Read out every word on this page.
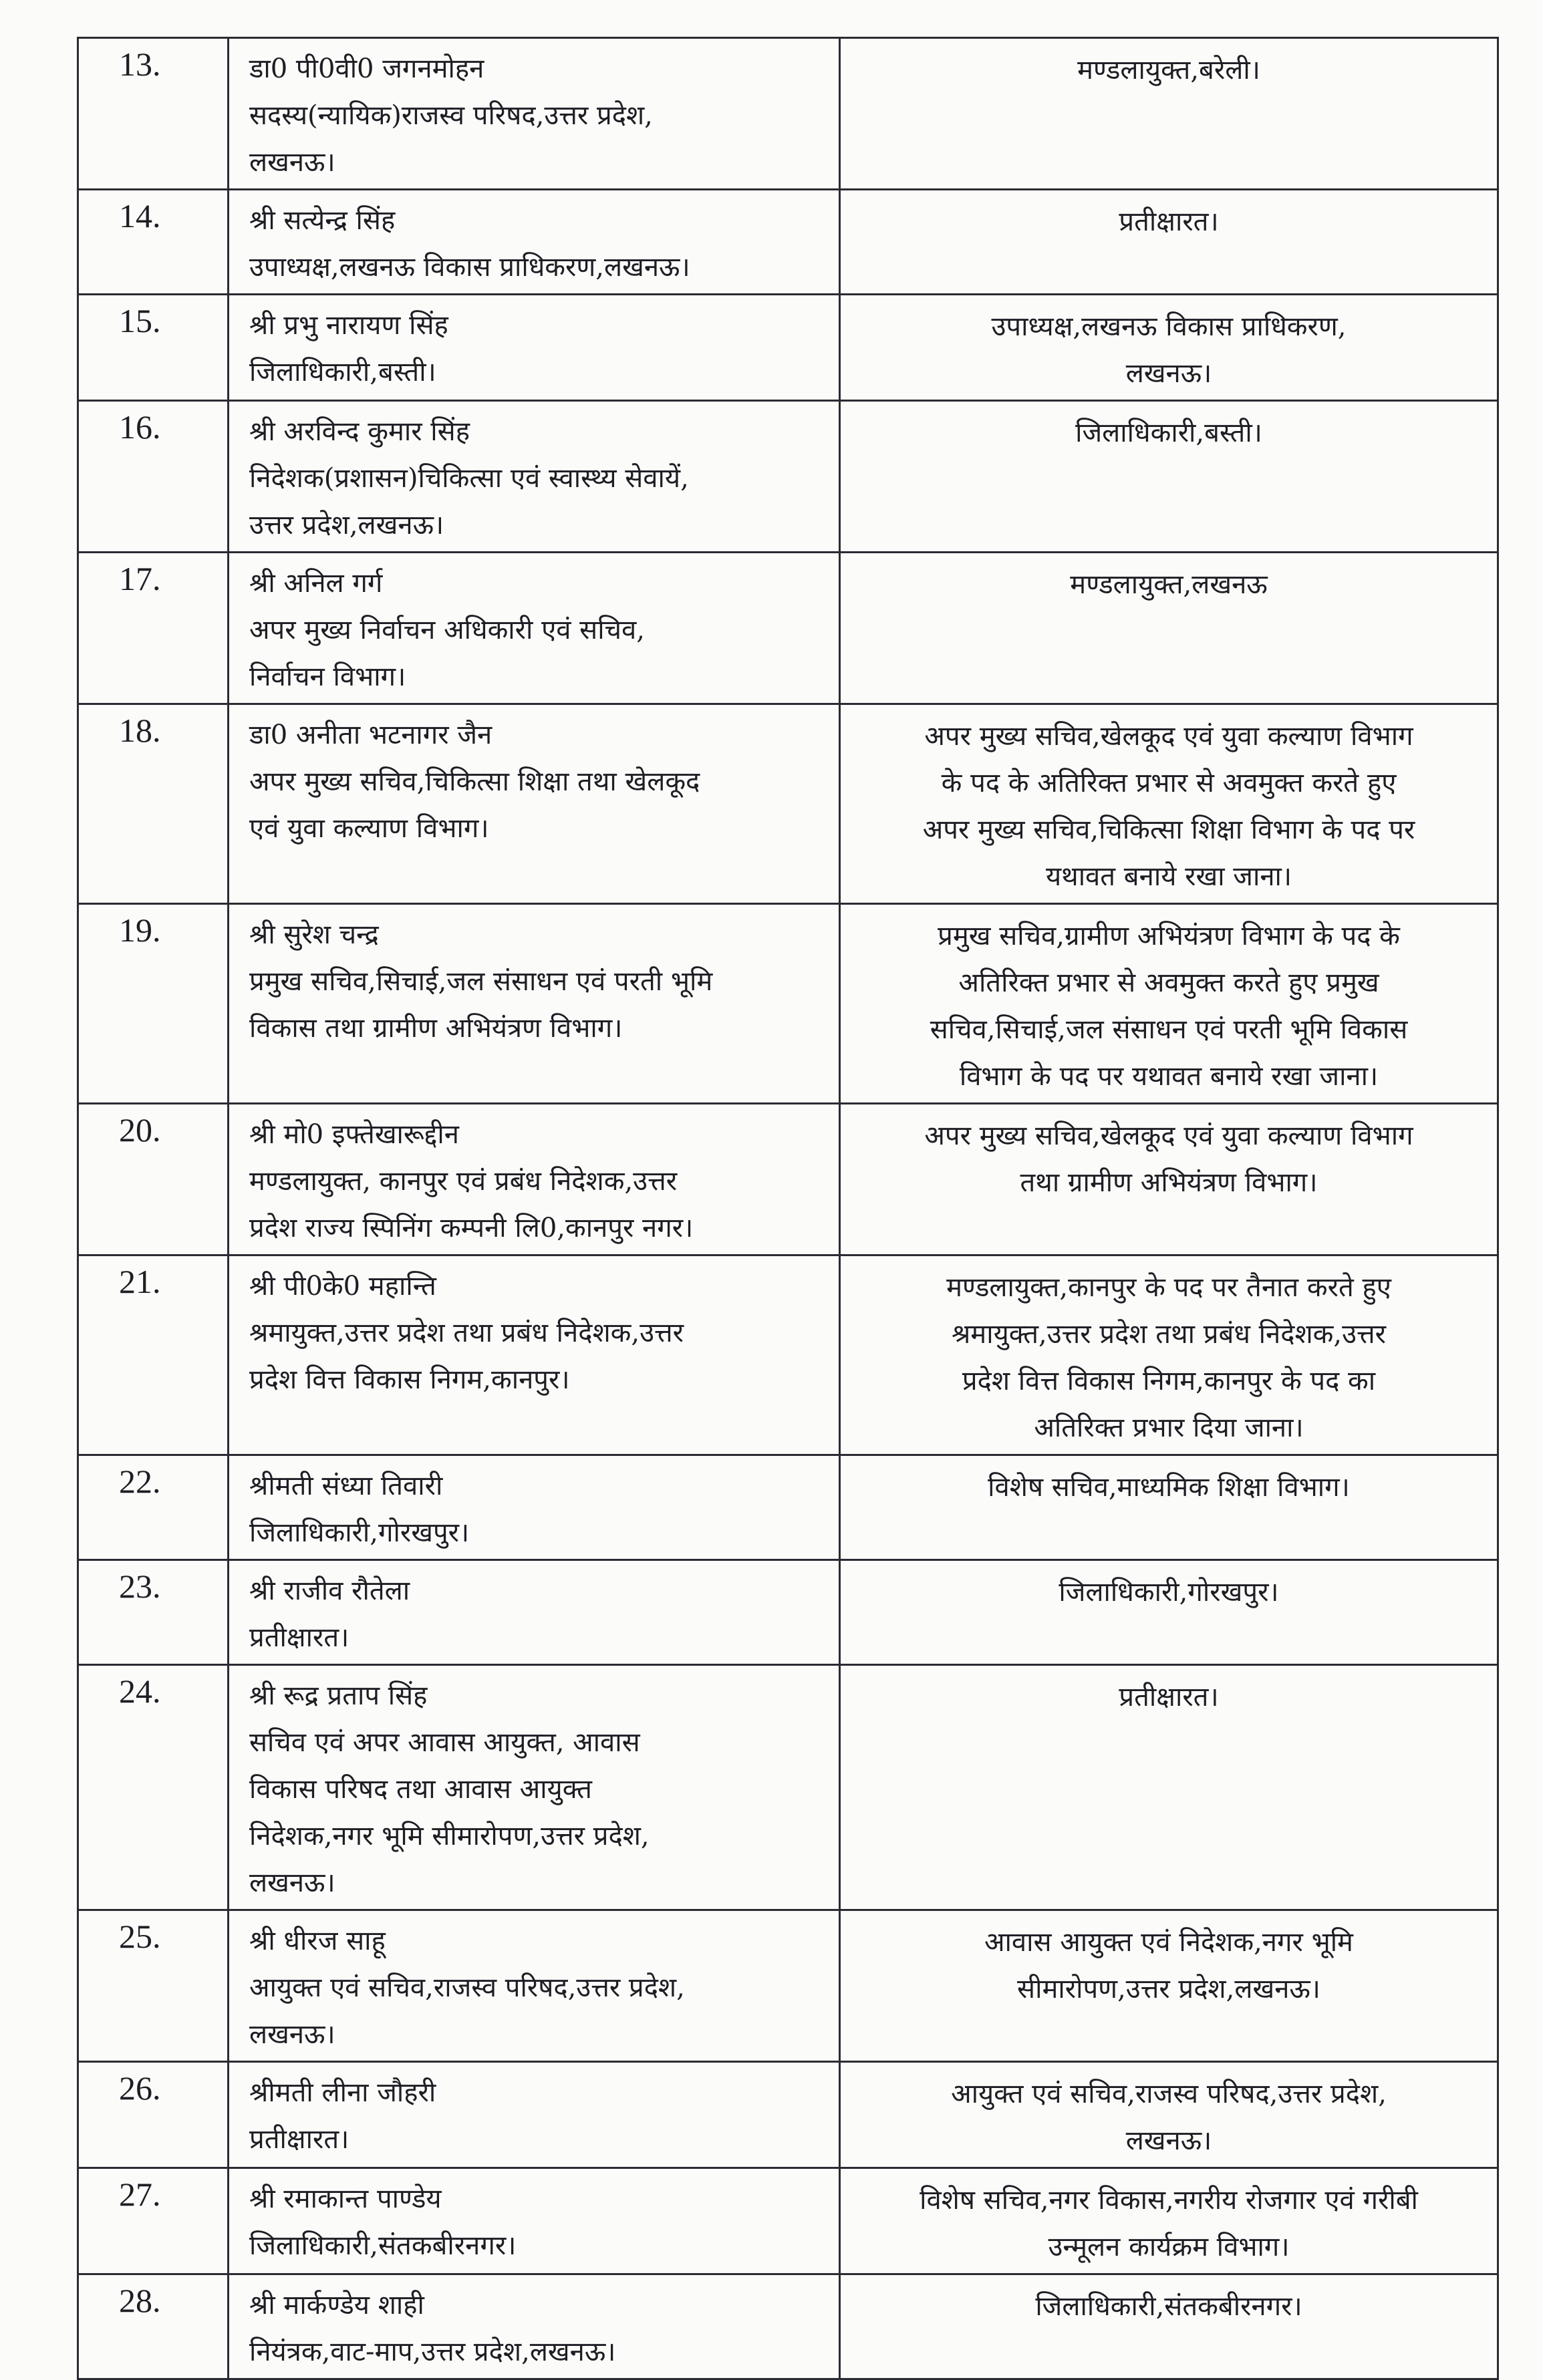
13.	डा0 पी0वी0 जगनमोहन
सदस्य(न्यायिक)राजस्व परिषद,उत्तर प्रदेश,
लखनऊ।	मण्डलायुक्त,बरेली।

14.	श्री सत्येन्द्र सिंह
उपाध्यक्ष,लखनऊ विकास प्राधिकरण,लखनऊ।	प्रतीक्षारत।

15.	श्री प्रभु नारायण सिंह
जिलाधिकारी,बस्ती।	उपाध्यक्ष,लखनऊ विकास प्राधिकरण,
लखनऊ।

16.	श्री अरविन्द कुमार सिंह
निदेशक(प्रशासन)चिकित्सा एवं स्वास्थ्य सेवायें,
उत्तर प्रदेश,लखनऊ।	जिलाधिकारी,बस्ती।

17.	श्री अनिल गर्ग
अपर मुख्य निर्वाचन अधिकारी एवं सचिव,
निर्वाचन विभाग।	मण्डलायुक्त,लखनऊ

18.	डा0 अनीता भटनागर जैन
अपर मुख्य सचिव,चिकित्सा शिक्षा तथा खेलकूद
एवं युवा कल्याण विभाग।	अपर मुख्य सचिव,खेलकूद एवं युवा कल्याण विभाग
के पद के अतिरिक्त प्रभार से अवमुक्त करते हुए
अपर मुख्य सचिव,चिकित्सा शिक्षा विभाग के पद पर
यथावत बनाये रखा जाना।

19.	श्री सुरेश चन्द्र
प्रमुख सचिव,सिचाई,जल संसाधन एवं परती भूमि
विकास तथा ग्रामीण अभियंत्रण विभाग।	प्रमुख सचिव,ग्रामीण अभियंत्रण विभाग के पद के
अतिरिक्त प्रभार से अवमुक्त करते हुए प्रमुख
सचिव,सिचाई,जल संसाधन एवं परती भूमि विकास
विभाग के पद पर यथावत बनाये रखा जाना।

20.	श्री मो0 इफ्तेखारूद्दीन
मण्डलायुक्त, कानपुर एवं प्रबंध निदेशक,उत्तर
प्रदेश राज्य स्पिनिंग कम्पनी लि0,कानपुर नगर।	अपर मुख्य सचिव,खेलकूद एवं युवा कल्याण विभाग
तथा ग्रामीण अभियंत्रण विभाग।

21.	श्री पी0के0 महान्ति
श्रमायुक्त,उत्तर प्रदेश तथा प्रबंध निदेशक,उत्तर
प्रदेश वित्त विकास निगम,कानपुर।	मण्डलायुक्त,कानपुर के पद पर तैनात करते हुए
श्रमायुक्त,उत्तर प्रदेश तथा प्रबंध निदेशक,उत्तर
प्रदेश वित्त विकास निगम,कानपुर के पद का
अतिरिक्त प्रभार दिया जाना।

22.	श्रीमती संध्या तिवारी
जिलाधिकारी,गोरखपुर।	विशेष सचिव,माध्यमिक शिक्षा विभाग।

23.	श्री राजीव रौतेला
प्रतीक्षारत।	जिलाधिकारी,गोरखपुर।

24.	श्री रूद्र प्रताप सिंह
सचिव एवं अपर आवास आयुक्त, आवास
विकास परिषद तथा आवास आयुक्त
निदेशक,नगर भूमि सीमारोपण,उत्तर प्रदेश,
लखनऊ।	प्रतीक्षारत।

25.	श्री धीरज साहू
आयुक्त एवं सचिव,राजस्व परिषद,उत्तर प्रदेश,
लखनऊ।	आवास आयुक्त एवं निदेशक,नगर भूमि
सीमारोपण,उत्तर प्रदेश,लखनऊ।

26.	श्रीमती लीना जौहरी
प्रतीक्षारत।	आयुक्त एवं सचिव,राजस्व परिषद,उत्तर प्रदेश,
लखनऊ।

27.	श्री रमाकान्त पाण्डेय
जिलाधिकारी,संतकबीरनगर।	विशेष सचिव,नगर विकास,नगरीय रोजगार एवं गरीबी
उन्मूलन कार्यक्रम विभाग।

28.	श्री मार्कण्डेय शाही
नियंत्रक,वाट-माप,उत्तर प्रदेश,लखनऊ।	जिलाधिकारी,संतकबीरनगर।
